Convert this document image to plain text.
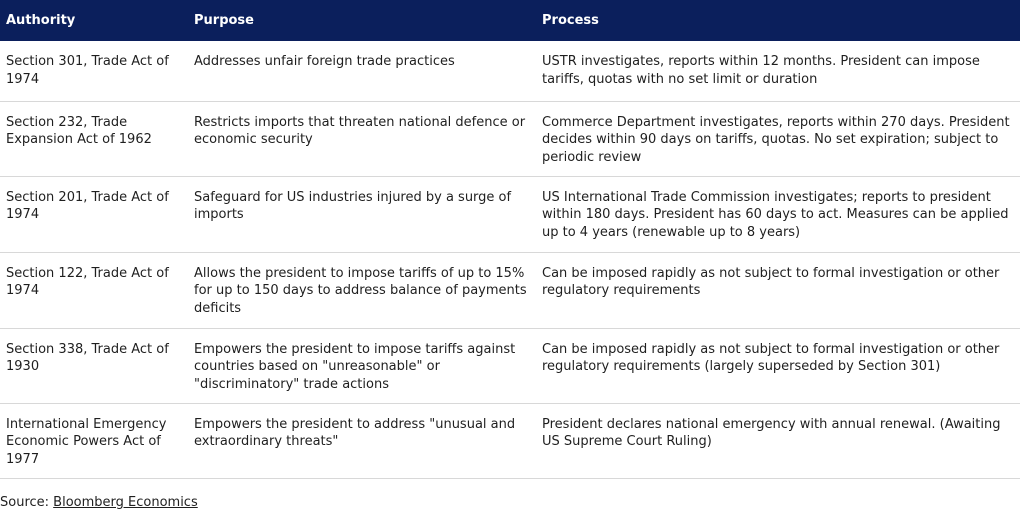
Authority	Purpose	Process
Section 301, Trade Act of 1974	Addresses unfair foreign trade practices	USTR investigates, reports within 12 months. President can impose tariffs, quotas with no set limit or duration
Section 232, Trade Expansion Act of 1962	Restricts imports that threaten national defence or economic security	Commerce Department investigates, reports within 270 days. President decides within 90 days on tariffs, quotas. No set expiration; subject to periodic review
Section 201, Trade Act of 1974	Safeguard for US industries injured by a surge of imports	US International Trade Commission investigates; reports to president within 180 days. President has 60 days to act. Measures can be applied up to 4 years (renewable up to 8 years)
Section 122, Trade Act of 1974	Allows the president to impose tariffs of up to 15% for up to 150 days to address balance of payments deficits	Can be imposed rapidly as not subject to formal investigation or other regulatory requirements
Section 338, Trade Act of 1930	Empowers the president to impose tariffs against countries based on "unreasonable" or "discriminatory" trade actions	Can be imposed rapidly as not subject to formal investigation or other regulatory requirements (largely superseded by Section 301)
International Emergency Economic Powers Act of 1977	Empowers the president to address "unusual and extraordinary threats"	President declares national emergency with annual renewal. (Awaiting US Supreme Court Ruling)
Source: Bloomberg Economics
